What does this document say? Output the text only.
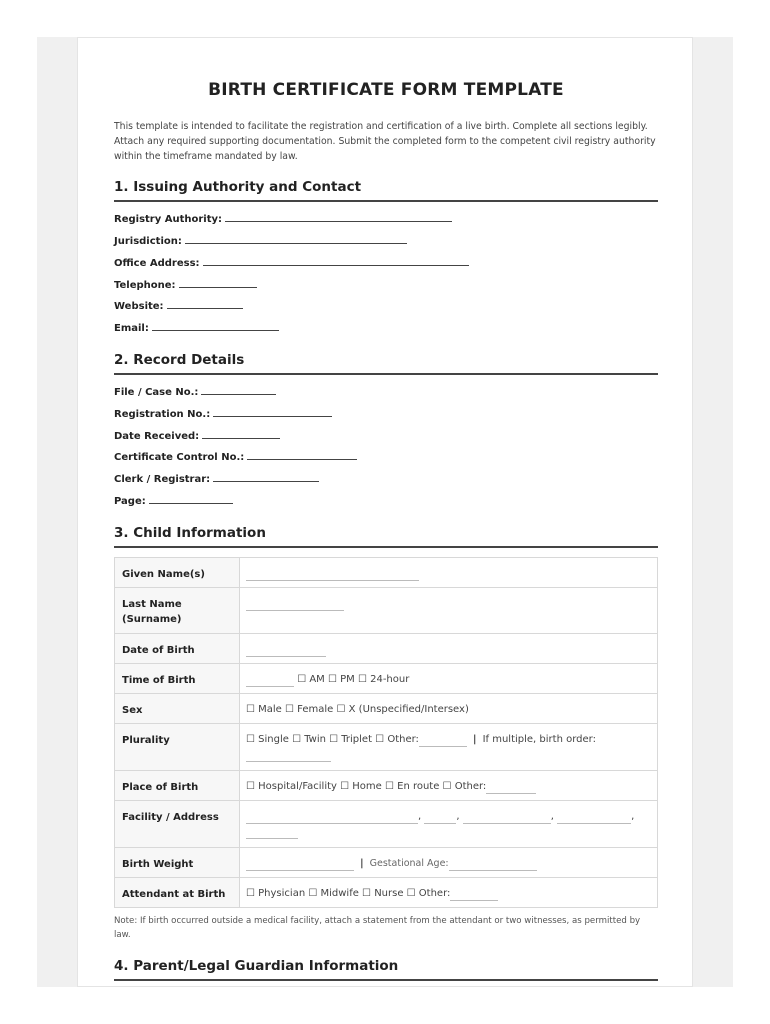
BIRTH CERTIFICATE FORM TEMPLATE
This template is intended to facilitate the registration and certification of a live birth. Complete all sections legibly. Attach any required supporting documentation. Submit the completed form to the competent civil registry authority within the timeframe mandated by law.
1. Issuing Authority and Contact
Registry Authority:
Jurisdiction:
Office Address:
Telephone:
Website:
Email:
2. Record Details
File / Case No.:
Registration No.:
Date Received:
Certificate Control No.:
Clerk / Registrar:
Page:
3. Child Information
Given Name(s)	
Last Name (Surname)	
Date of Birth	
Time of Birth	☐ AM ☐ PM ☐ 24-hour
Sex	☐ Male ☐ Female ☐ X (Unspecified/Intersex)
Plurality	☐ Single ☐ Twin ☐ Triplet ☐ Other: | If multiple, birth order:

Place of Birth	☐ Hospital/Facility ☐ Home ☐ En route ☐ Other:
Facility / Address	, , , ,

Birth Weight	| Gestational Age:
Attendant at Birth	☐ Physician ☐ Midwife ☐ Nurse ☐ Other:
Note: If birth occurred outside a medical facility, attach a statement from the attendant or two witnesses, as permitted by law.
4. Parent/Legal Guardian Information
